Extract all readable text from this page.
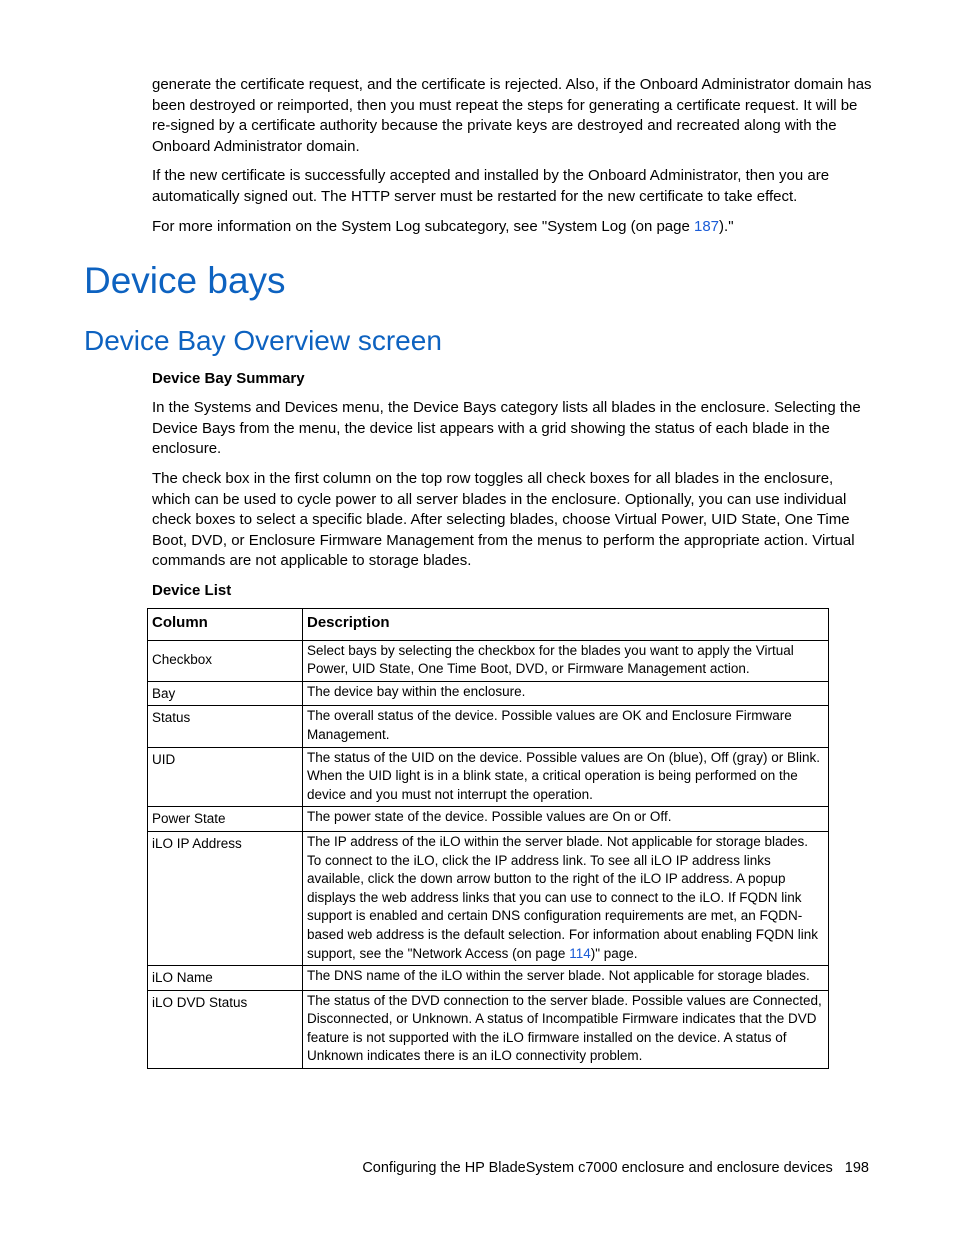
generate the certificate request, and the certificate is rejected. Also, if the Onboard Administrator domain has been destroyed or reimported, then you must repeat the steps for generating a certificate request. It will be re-signed by a certificate authority because the private keys are destroyed and recreated along with the Onboard Administrator domain.

If the new certificate is successfully accepted and installed by the Onboard Administrator, then you are automatically signed out. The HTTP server must be restarted for the new certificate to take effect.

For more information on the System Log subcategory, see "System Log (on page 187)."

Device bays
Device Bay Overview screen

Device Bay Summary

In the Systems and Devices menu, the Device Bays category lists all blades in the enclosure. Selecting the Device Bays from the menu, the device list appears with a grid showing the status of each blade in the enclosure.

The check box in the first column on the top row toggles all check boxes for all blades in the enclosure, which can be used to cycle power to all server blades in the enclosure. Optionally, you can use individual check boxes to select a specific blade. After selecting blades, choose Virtual Power, UID State, One Time Boot, DVD, or Enclosure Firmware Management from the menus to perform the appropriate action. Virtual commands are not applicable to storage blades.

Device List

Column	Description
Checkbox	Select bays by selecting the checkbox for the blades you want to apply the Virtual Power, UID State, One Time Boot, DVD, or Firmware Management action.
Bay	The device bay within the enclosure.
Status	The overall status of the device. Possible values are OK and Enclosure Firmware Management.
UID	The status of the UID on the device. Possible values are On (blue), Off (gray) or Blink. When the UID light is in a blink state, a critical operation is being performed on the device and you must not interrupt the operation.
Power State	The power state of the device. Possible values are On or Off.
iLO IP Address	The IP address of the iLO within the server blade. Not applicable for storage blades. To connect to the iLO, click the IP address link. To see all iLO IP address links available, click the down arrow button to the right of the iLO IP address. A popup displays the web address links that you can use to connect to the iLO. If FQDN link support is enabled and certain DNS configuration requirements are met, an FQDN-based web address is the default selection. For information about enabling FQDN link support, see the "Network Access (on page 114)" page.
iLO Name	The DNS name of the iLO within the server blade. Not applicable for storage blades.
iLO DVD Status	The status of the DVD connection to the server blade. Possible values are Connected, Disconnected, or Unknown. A status of Incompatible Firmware indicates that the DVD feature is not supported with the iLO firmware installed on the device. A status of Unknown indicates there is an iLO connectivity problem.
Configuring the HP BladeSystem c7000 enclosure and enclosure devices 198
